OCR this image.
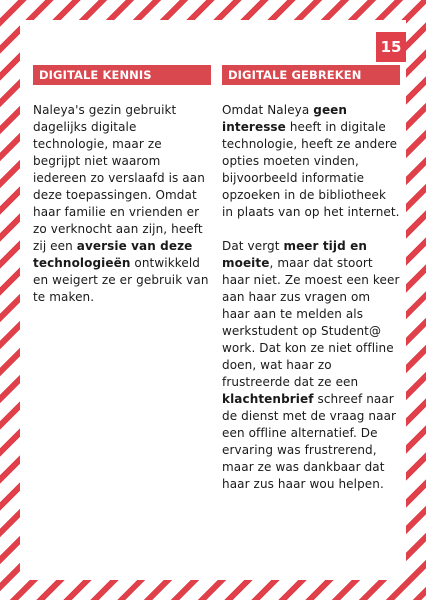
15
DIGITALE KENNIS

Naleya's gezin gebruikt dagelijks digitale technologie, maar ze begrijpt niet waarom iedereen zo verslaafd is aan deze toepassingen. Omdat haar familie en vrienden er zo verknocht aan zijn, heeft zij een aversie van deze technologieën ontwikkeld en weigert ze er gebruik van te maken.

DIGITALE GEBREKEN

Omdat Naleya geen interesse heeft in digitale technologie, heeft ze andere opties moeten vinden, bijvoorbeeld informatie opzoeken in de bibliotheek in plaats van op het internet.

Dat vergt meer tijd en moeite, maar dat stoort haar niet. Ze moest een keer aan haar zus vragen om haar aan te melden als werkstudent op Student@ work. Dat kon ze niet offline doen, wat haar zo frustreerde dat ze een klachtenbrief schreef naar de dienst met de vraag naar een offline alternatief. De ervaring was frustrerend, maar ze was dankbaar dat haar zus haar wou helpen.
